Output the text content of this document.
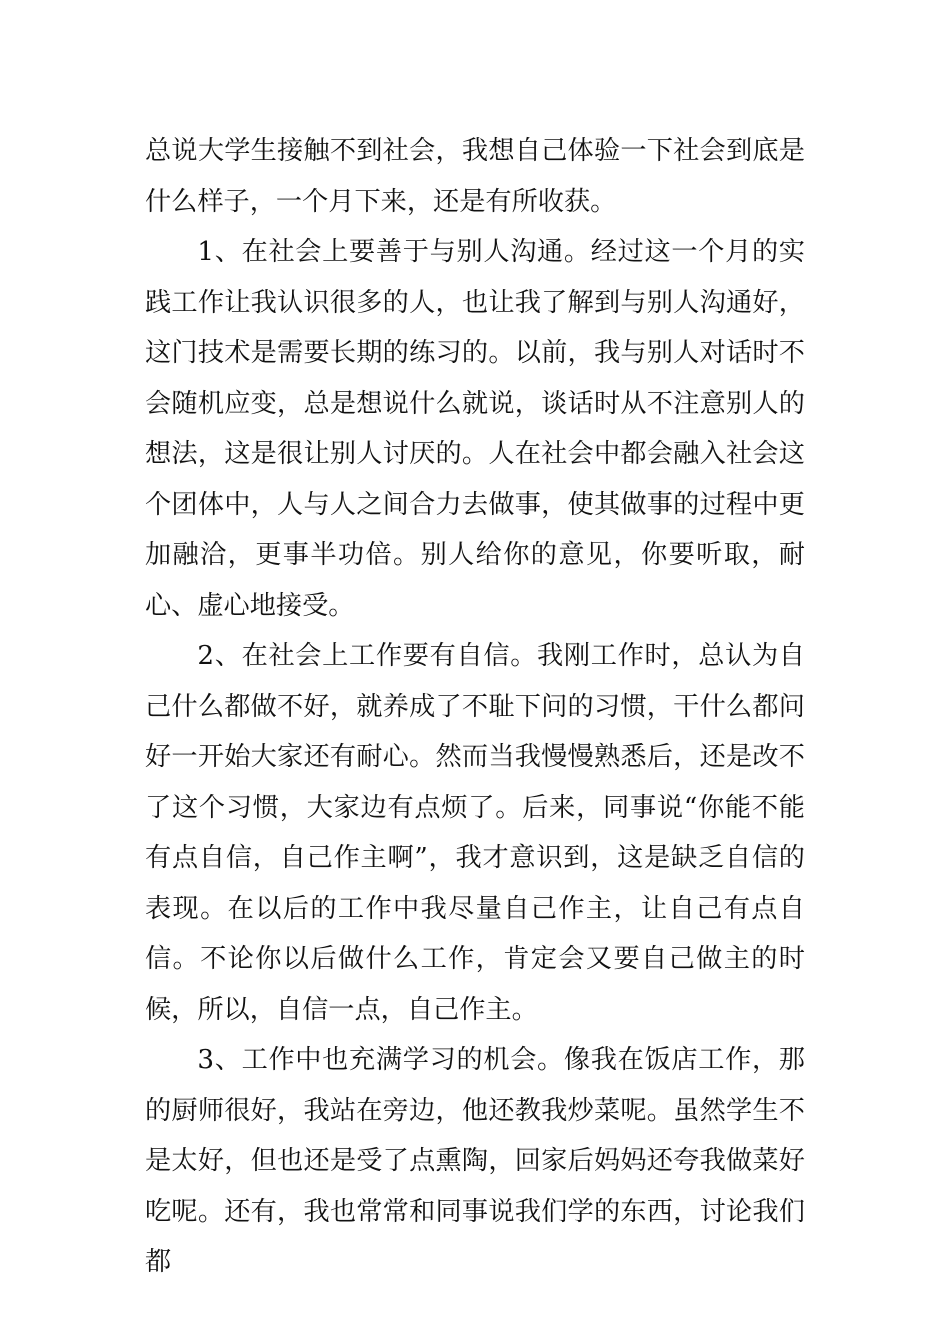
总说大学生接触不到社会，我想自己体验一下社会到底是什么样子，一个月下来，还是有所收获。

1、在社会上要善于与别人沟通。经过这一个月的实践工作让我认识很多的人，也让我了解到与别人沟通好，这门技术是需要长期的练习的。以前，我与别人对话时不会随机应变，总是想说什么就说，谈话时从不注意别人的想法，这是很让别人讨厌的。人在社会中都会融入社会这个团体中，人与人之间合力去做事，使其做事的过程中更加融洽，更事半功倍。别人给你的意见，你要听取，耐心、虚心地接受。

2、在社会上工作要有自信。我刚工作时，总认为自己什么都做不好，就养成了不耻下问的习惯，干什么都问好一开始大家还有耐心。然而当我慢慢熟悉后，还是改不了这个习惯，大家边有点烦了。后来，同事说“你能不能有点自信，自己作主啊”，我才意识到，这是缺乏自信的表现。在以后的工作中我尽量自己作主，让自己有点自信。不论你以后做什么工作，肯定会又要自己做主的时候，所以，自信一点，自己作主。

3、工作中也充满学习的机会。像我在饭店工作，那的厨师很好，我站在旁边，他还教我炒菜呢。虽然学生不是太好，但也还是受了点熏陶，回家后妈妈还夸我做菜好吃呢。还有，我也常常和同事说我们学的东西，讨论我们都
